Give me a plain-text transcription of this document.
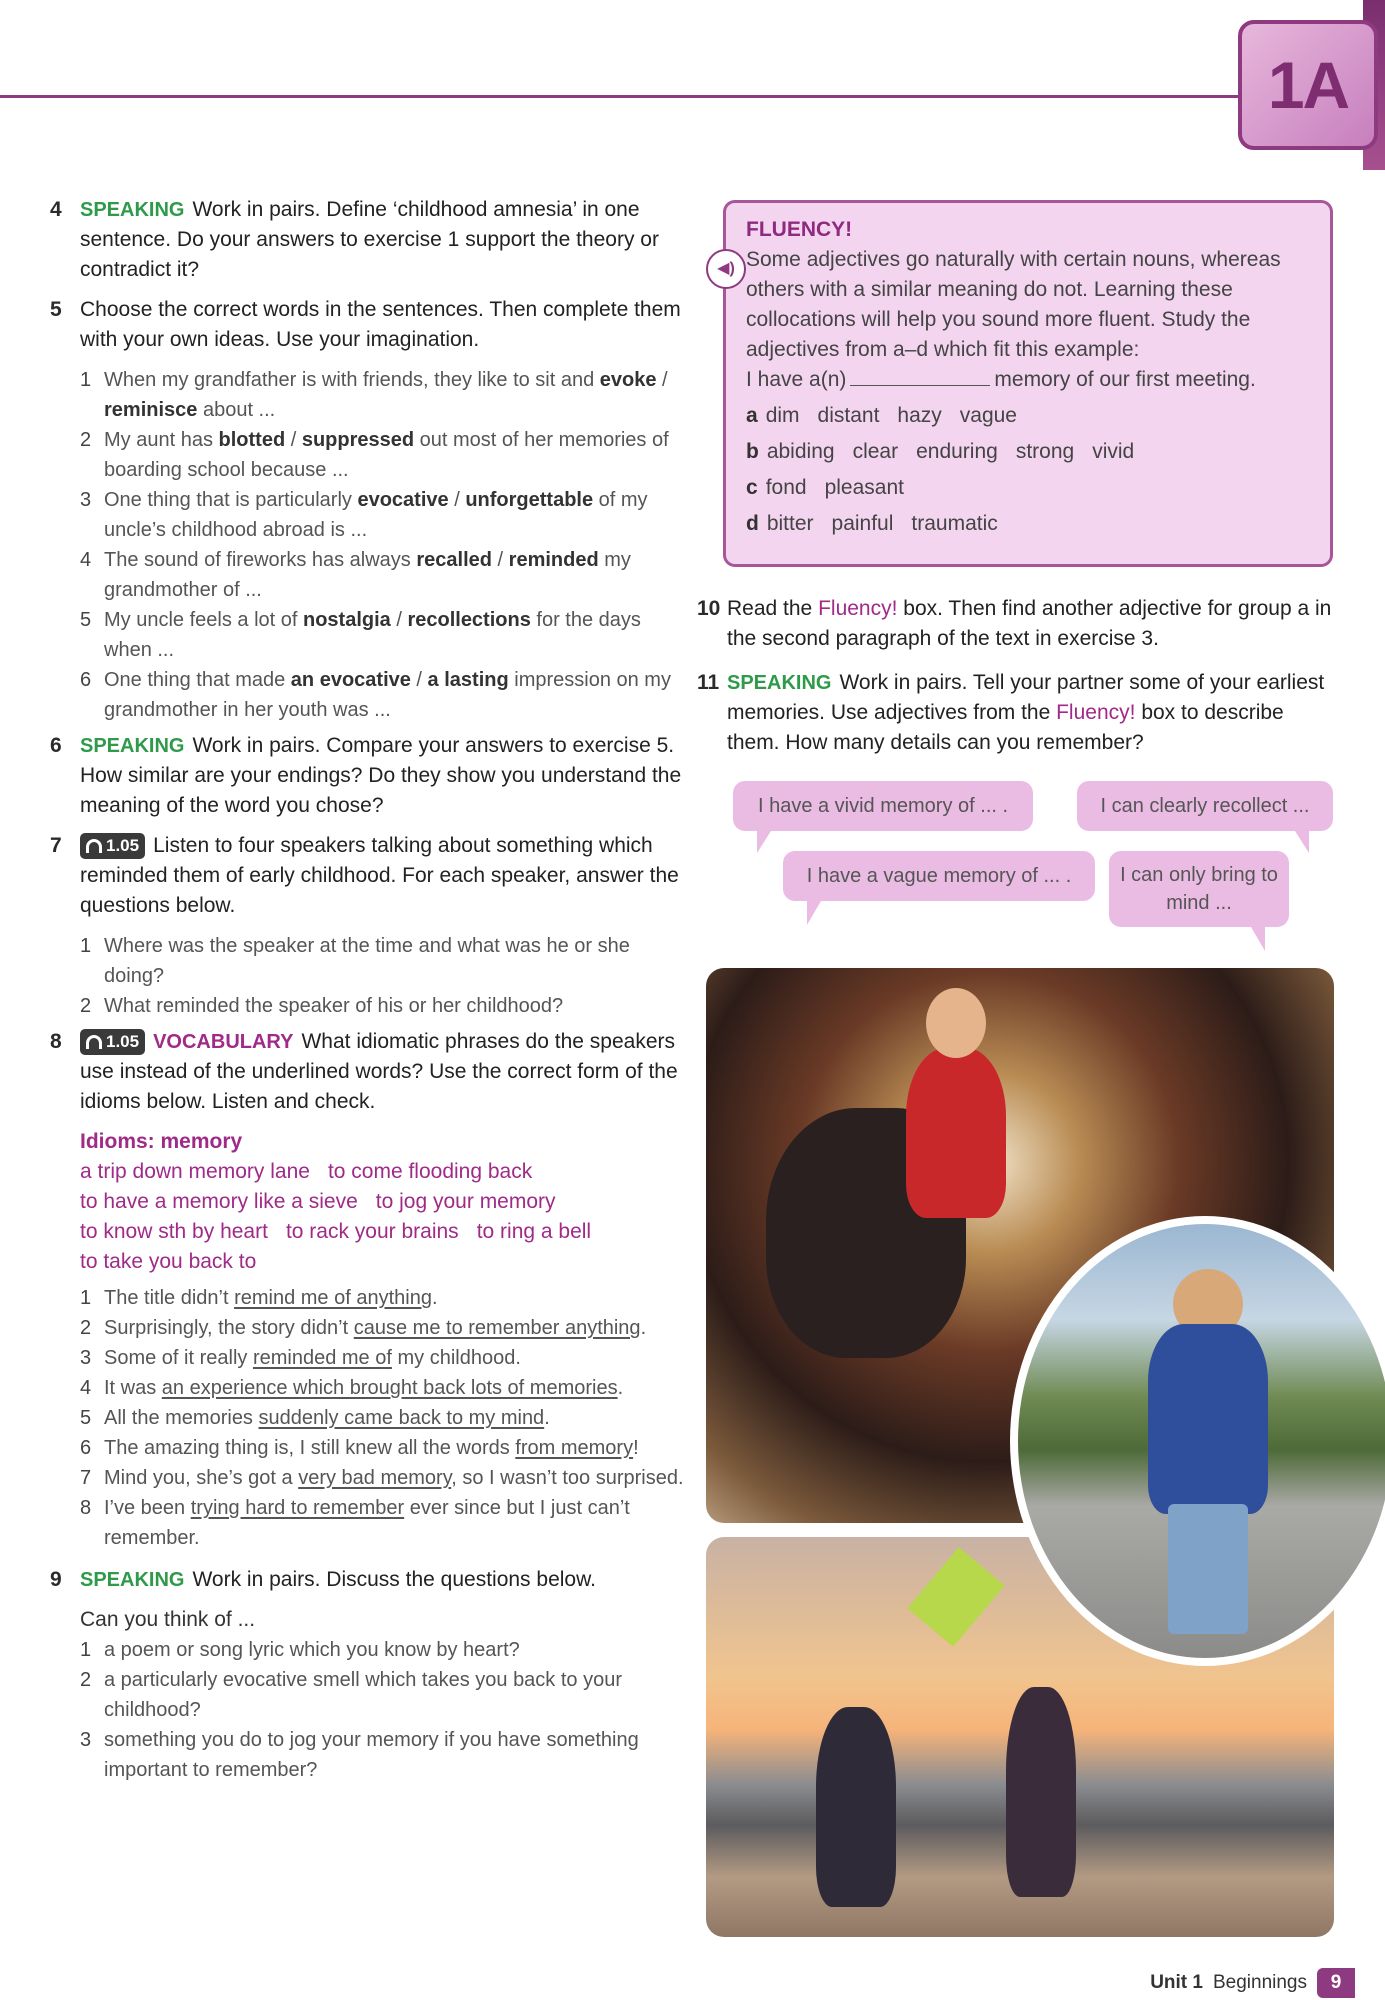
1A
4 SPEAKING Work in pairs. Define ‘childhood amnesia’ in one sentence. Do your answers to exercise 1 support the theory or contradict it?
5 Choose the correct words in the sentences. Then complete them with your own ideas. Use your imagination.
1 When my grandfather is with friends, they like to sit and evoke / reminisce about ...
2 My aunt has blotted / suppressed out most of her memories of boarding school because ...
3 One thing that is particularly evocative / unforgettable of my uncle’s childhood abroad is ...
4 The sound of fireworks has always recalled / reminded my grandmother of ...
5 My uncle feels a lot of nostalgia / recollections for the days when ...
6 One thing that made an evocative / a lasting impression on my grandmother in her youth was ...
6 SPEAKING Work in pairs. Compare your answers to exercise 5. How similar are your endings? Do they show you understand the meaning of the word you chose?
7	1.05 Listen to four speakers talking about something which reminded them of early childhood. For each speaker, answer the questions below.
1 Where was the speaker at the time and what was he or she doing?
2 What reminded the speaker of his or her childhood?
8	1.05 VOCABULARY What idiomatic phrases do the speakers use instead of the underlined words? Use the correct form of the idioms below. Listen and check.
Idioms: memory
a trip down memory lane to come flooding back
to have a memory like a sieve to jog your memory
to know sth by heart to rack your brains to ring a bell
to take you back to
1 The title didn’t remind me of anything.
2 Surprisingly, the story didn’t cause me to remember anything.
3 Some of it really reminded me of my childhood.
4 It was an experience which brought back lots of memories.
5 All the memories suddenly came back to my mind.
6 The amazing thing is, I still knew all the words from memory!
7 Mind you, she’s got a very bad memory, so I wasn’t too surprised.
8 I’ve been trying hard to remember ever since but I just can’t remember.
9 SPEAKING Work in pairs. Discuss the questions below.
Can you think of ...
1 a poem or song lyric which you know by heart?
2 a particularly evocative smell which takes you back to your childhood?
3 something you do to jog your memory if you have something important to remember?
◀)
FLUENCY!
Some adjectives go naturally with certain nouns, whereas others with a similar meaning do not. Learning these collocations will help you sound more fluent. Study the adjectives from a–d which fit this example:
I have a(n)	memory of our first meeting.
a dim distant hazy vague
b abiding clear enduring strong vivid
c fond pleasant
d bitter painful traumatic
10 Read the Fluency! box. Then find another adjective for group a in the second paragraph of the text in exercise 3.
11 SPEAKING Work in pairs. Tell your partner some of your earliest memories. Use adjectives from the Fluency! box to describe them. How many details can you remember?
I have a vivid memory of ... .	I can clearly recollect ...
I have a vague memory of ... . I can only bring to mind ...
Unit 1 Beginnings	9
